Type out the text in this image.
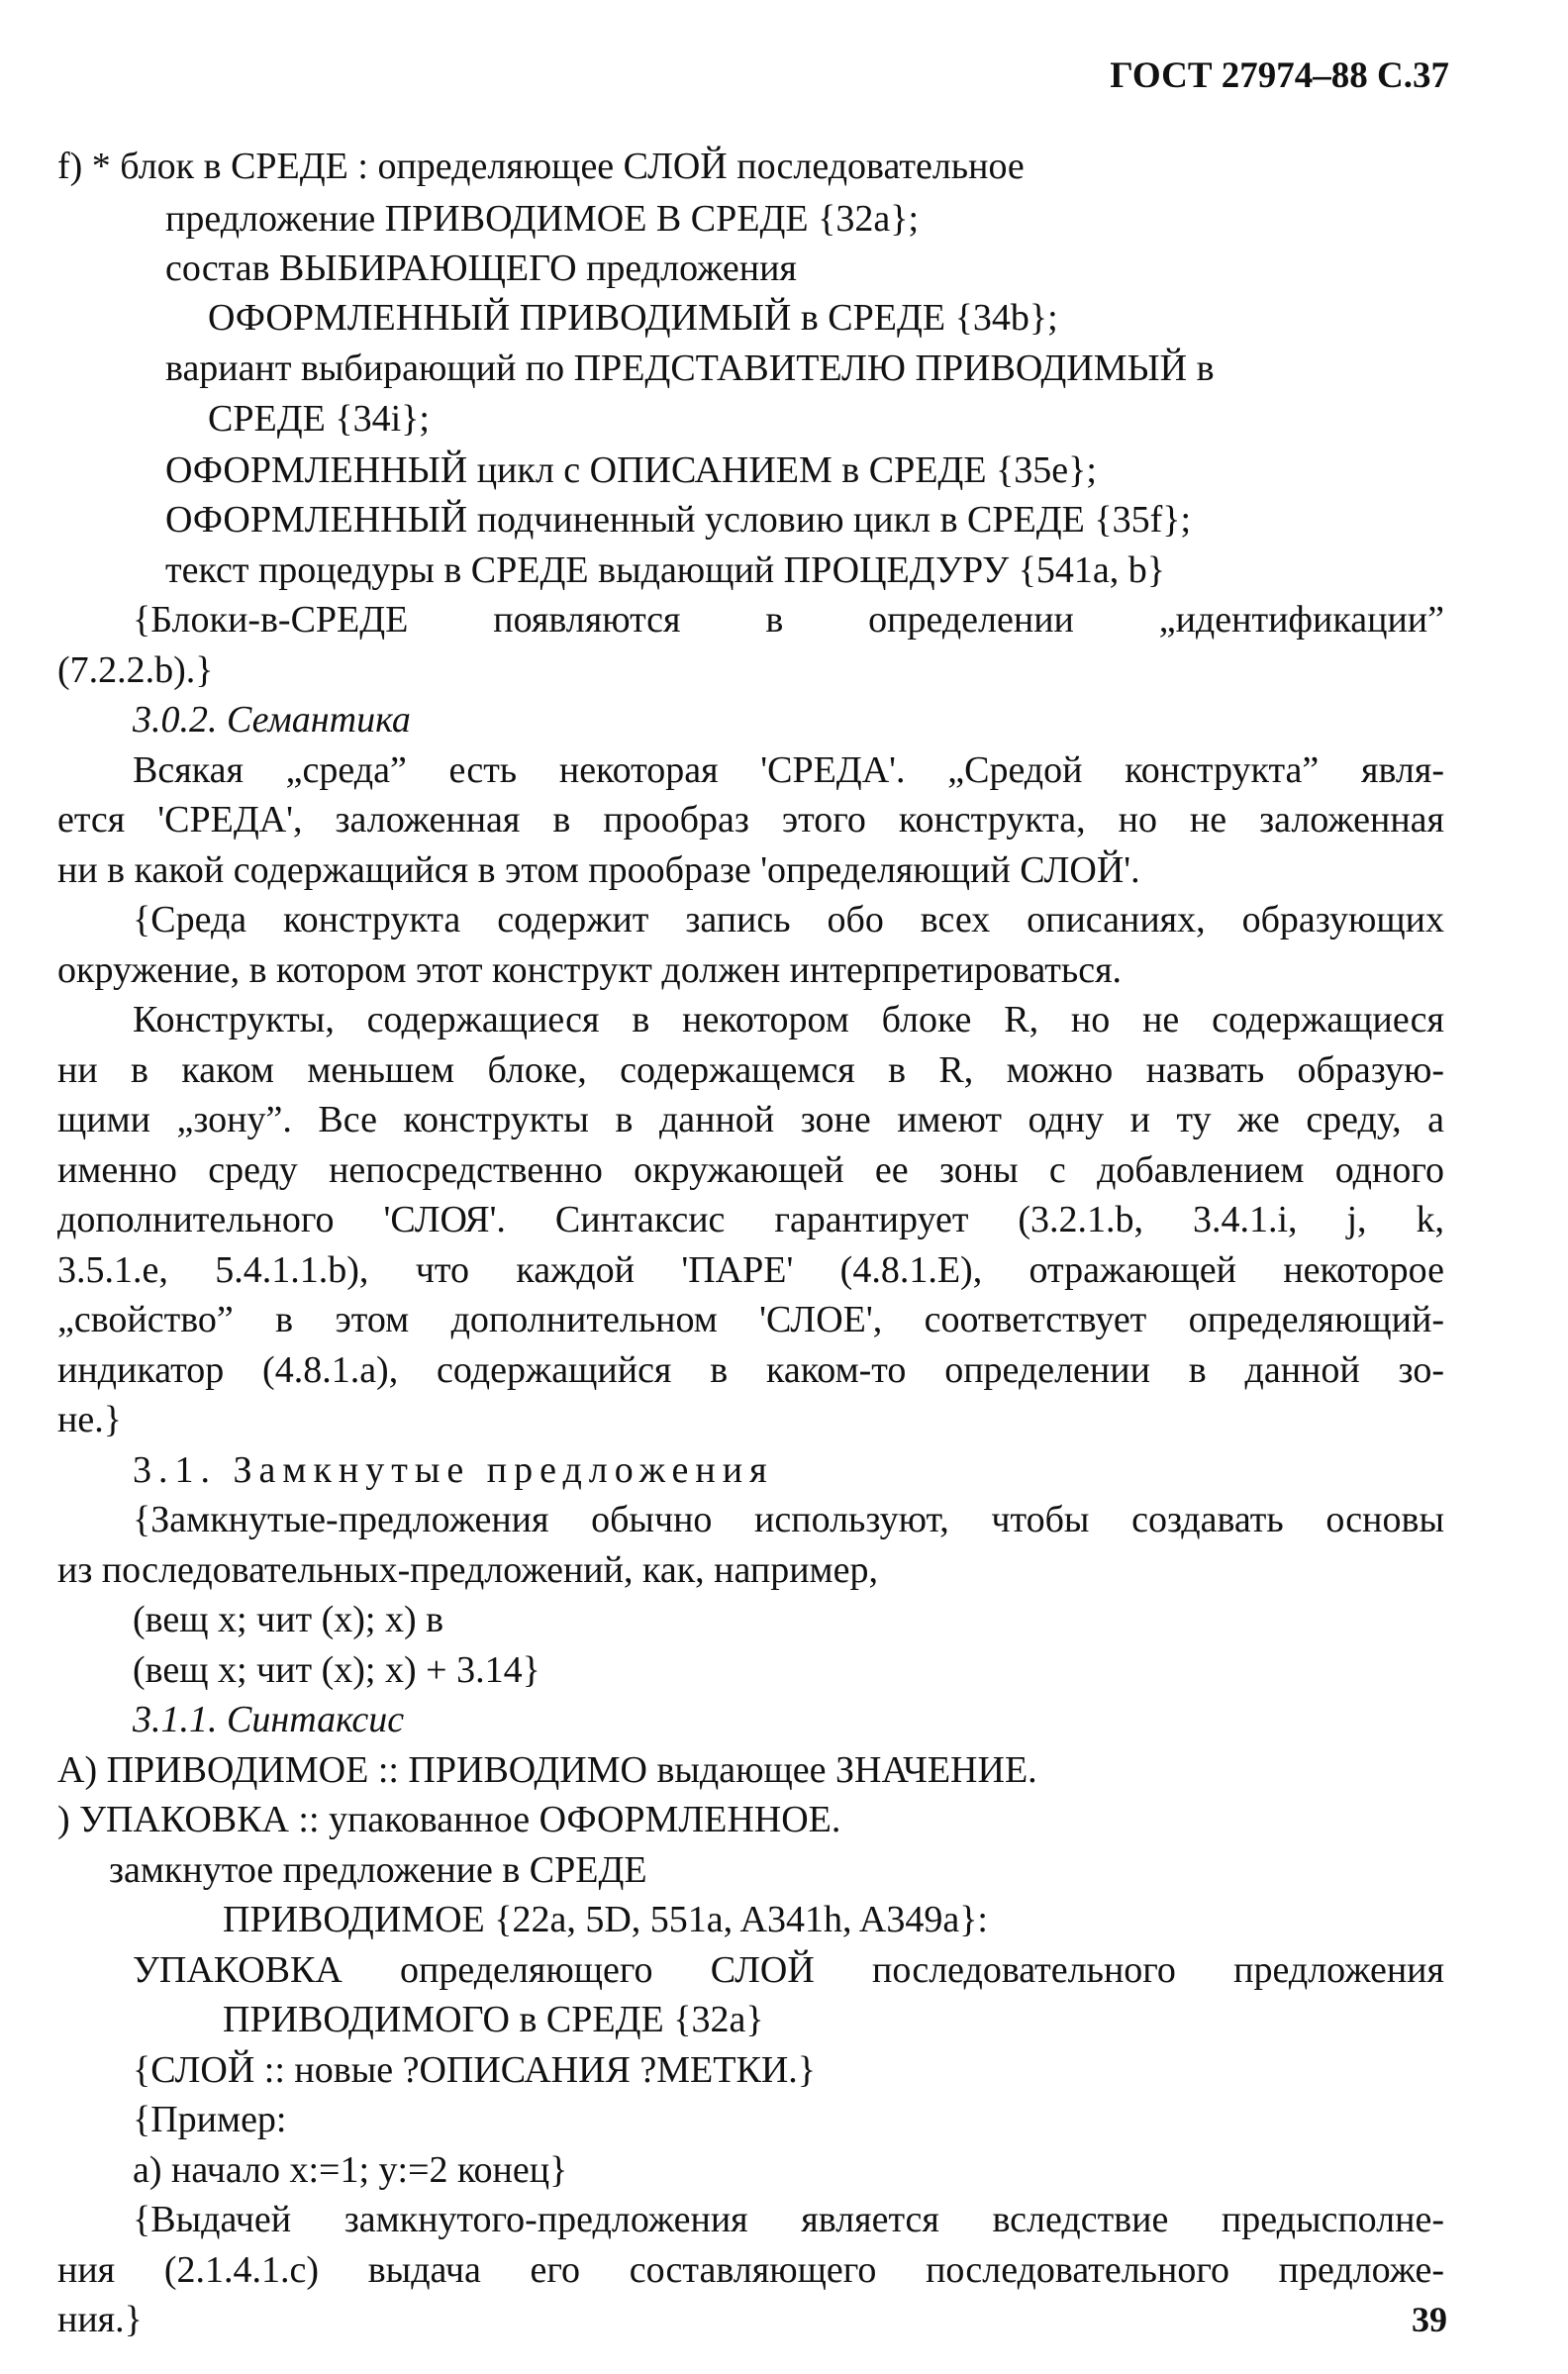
ГОСТ 27974–88 С.37
f) * блок в СРЕДЕ : определяющее СЛОЙ последовательное
предложение ПРИВОДИМОЕ В СРЕДЕ {32a};
состав ВЫБИРАЮЩЕГО предложения
ОФОРМЛЕННЫЙ ПРИВОДИМЫЙ в СРЕДЕ {34b};
вариант выбирающий по ПРЕДСТАВИТЕЛЮ ПРИВОДИМЫЙ в
СРЕДЕ {34i};
ОФОРМЛЕННЫЙ цикл с ОПИСАНИЕМ в СРЕДЕ {35e};
ОФОРМЛЕННЫЙ подчиненный условию цикл в СРЕДЕ {35f};
текст процедуры в СРЕДЕ выдающий ПРОЦЕДУРУ {541a, b}
{Блоки-в-СРЕДЕ появляются в определении „идентификации”
(7.2.2.b).}
3.0.2. Семантика
Всякая „среда” есть некоторая 'СРЕДА'. „Средой конструкта” явля-
ется 'СРЕДА', заложенная в прообраз этого конструкта, но не заложенная
ни в какой содержащийся в этом прообразе 'определяющий СЛОЙ'.
{Среда конструкта содержит запись обо всех описаниях, образующих
окружение, в котором этот конструкт должен интерпретироваться.
Конструкты, содержащиеся в некотором блоке R, но не содержащиеся
ни в каком меньшем блоке, содержащемся в R, можно назвать образую-
щими „зону”. Все конструкты в данной зоне имеют одну и ту же среду, а
именно среду непосредственно окружающей ее зоны с добавлением одного
дополнительного 'СЛОЯ'. Синтаксис гарантирует (3.2.1.b, 3.4.1.i, j, k,
3.5.1.e, 5.4.1.1.b), что каждой 'ПАРЕ' (4.8.1.E), отражающей некоторое
„свойство” в этом дополнительном 'СЛОЕ', соответствует определяющий-
индикатор (4.8.1.a), содержащийся в каком-то определении в данной зо-
не.}
3.1. Замкнутые предложения
{Замкнутые-предложения обычно используют, чтобы создавать основы
из последовательных-предложений, как, например,
(вещ x; чит (x); x) в
(вещ x; чит (x); x) + 3.14}
3.1.1. Синтаксис
A) ПРИВОДИМОЕ :: ПРИВОДИМО выдающее ЗНАЧЕНИЕ.
) УПАКОВКА :: упакованное ОФОРМЛЕННОЕ.
замкнутое предложение в СРЕДЕ
ПРИВОДИМОЕ {22a, 5D, 551a, A341h, A349a}:
УПАКОВКА определяющего СЛОЙ последовательного предложения
ПРИВОДИМОГО в СРЕДЕ {32a}
{СЛОЙ :: новые ?ОПИСАНИЯ ?МЕТКИ.}
{Пример:
a) начало x:=1; y:=2 конец}
{Выдачей замкнутого-предложения является вследствие предысполне-
ния (2.1.4.1.c) выдача его составляющего последовательного предложе-
ния.}	39
